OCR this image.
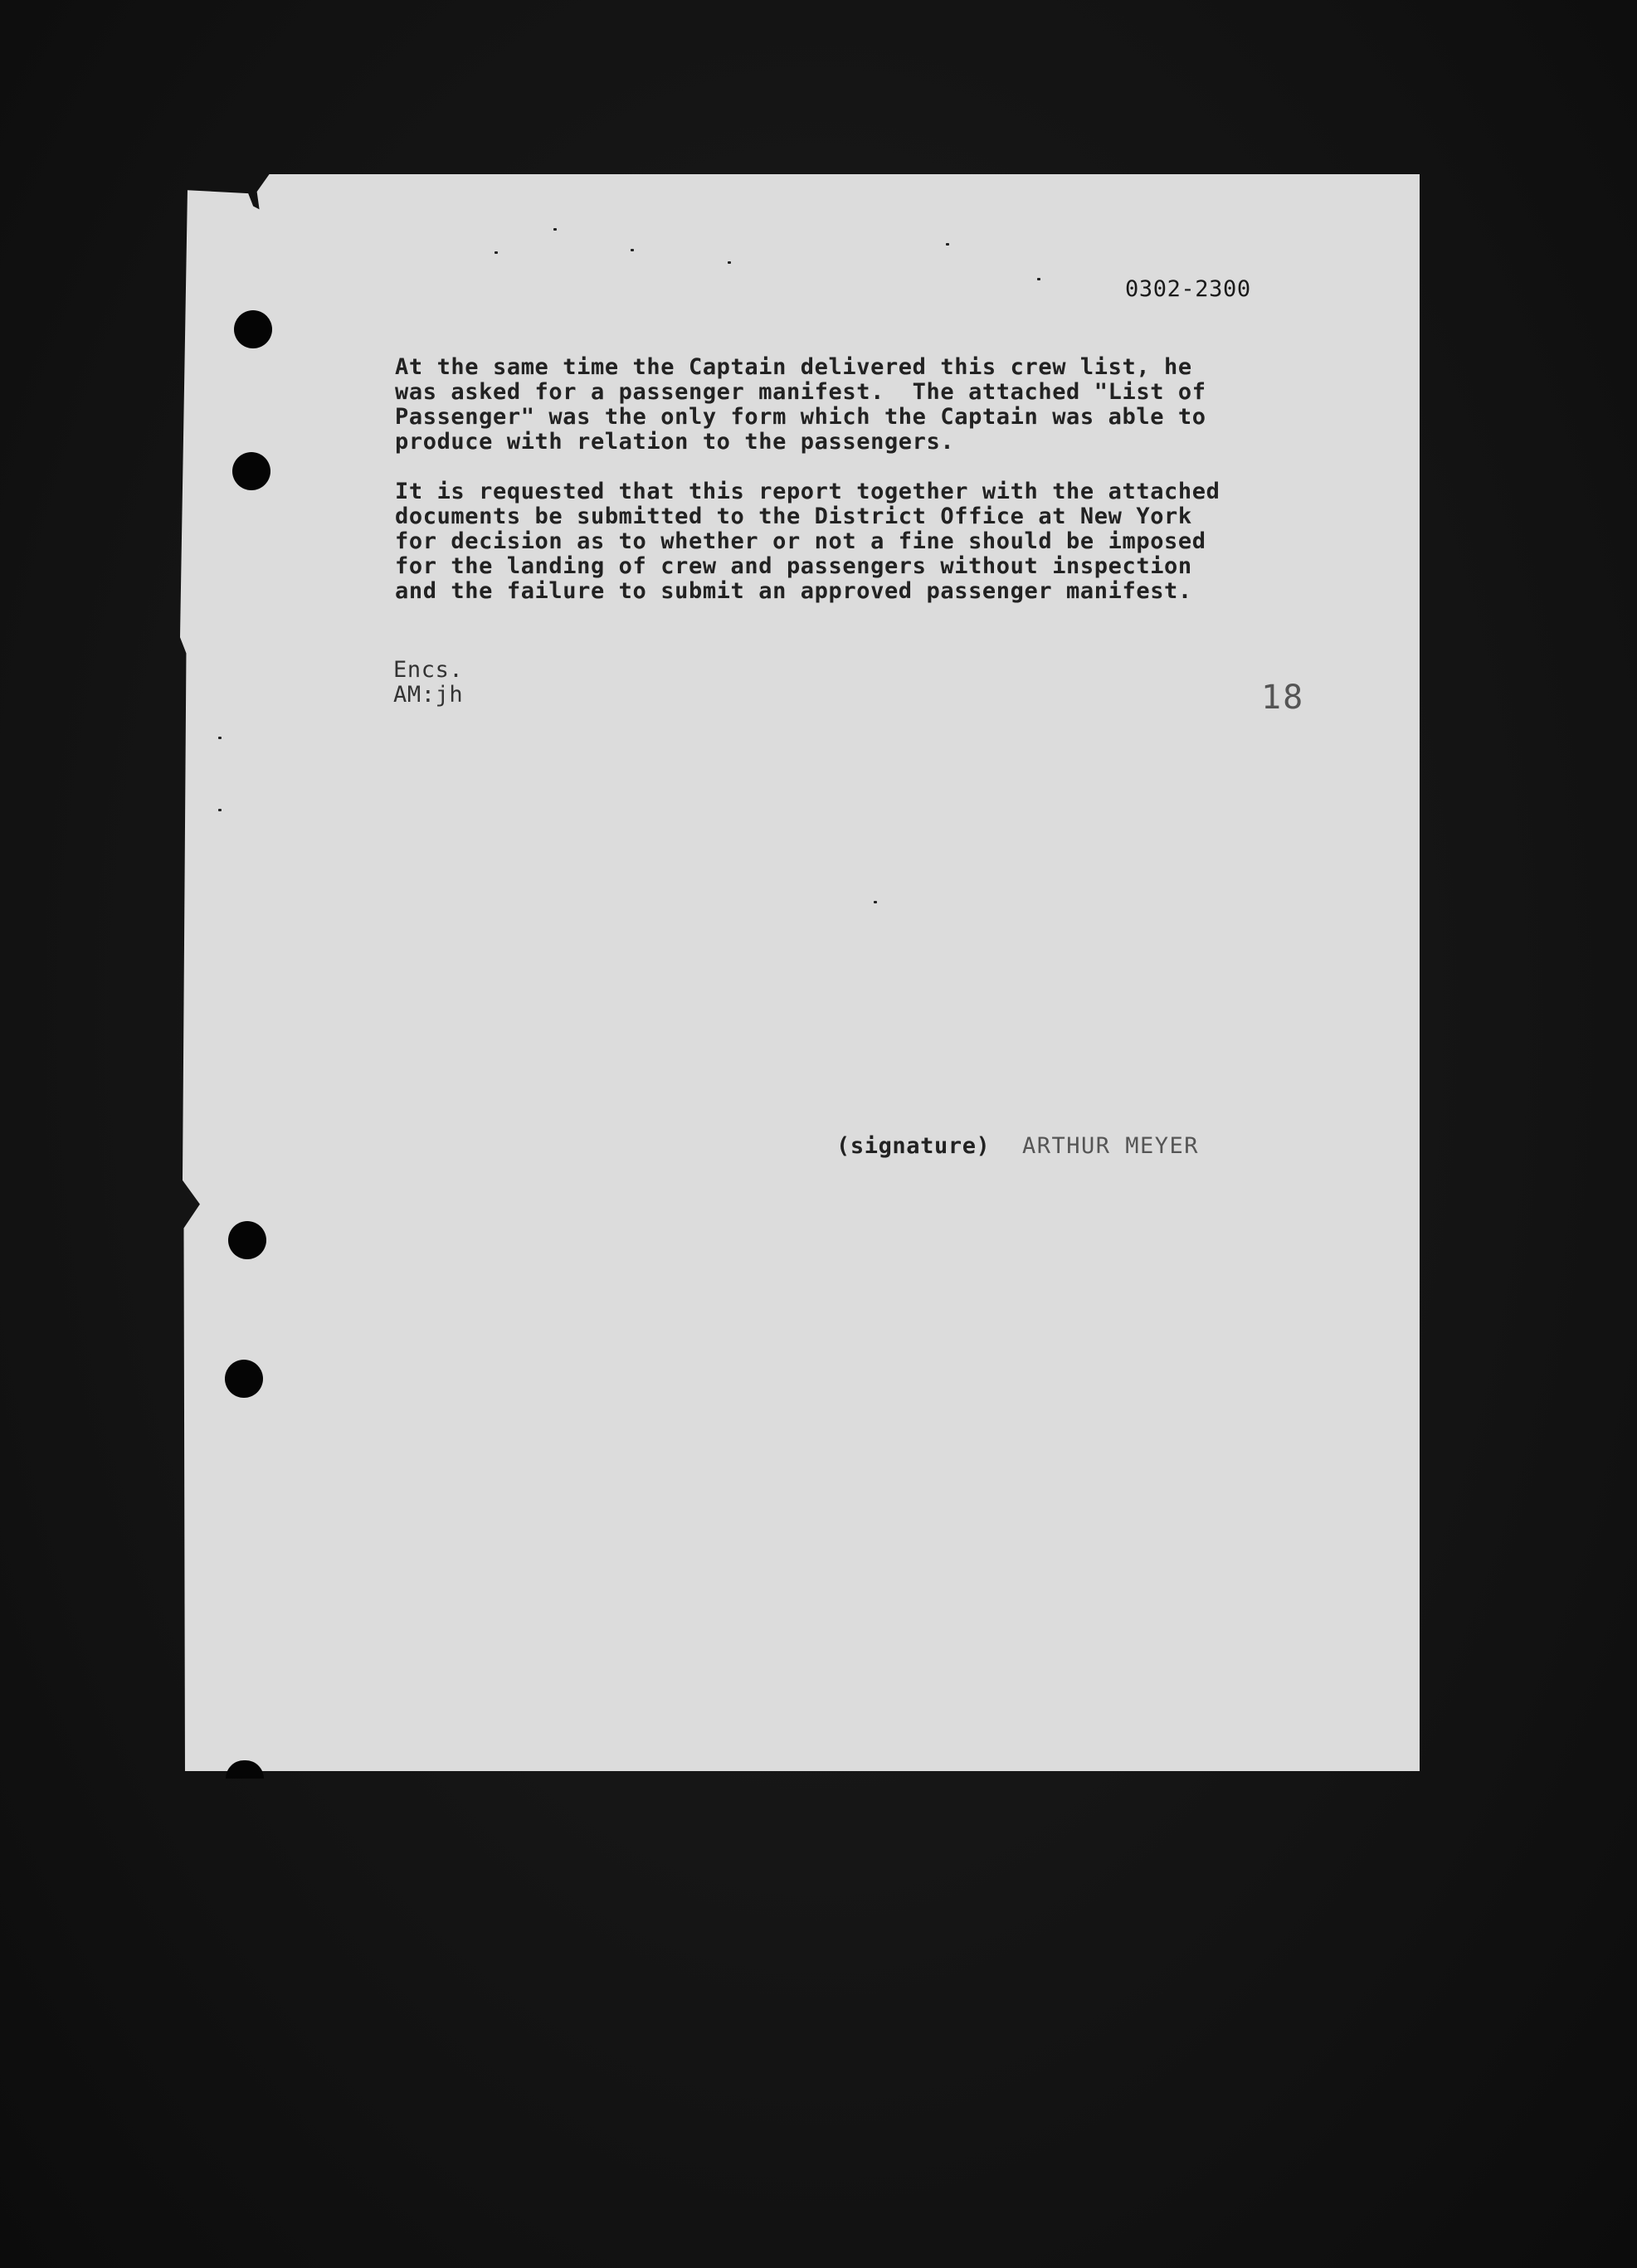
0302-2300
At the same time the Captain delivered this crew list, he
was asked for a passenger manifest.  The attached "List of
Passenger" was the only form which the Captain was able to
produce with relation to the passengers.
It is requested that this report together with the attached
documents be submitted to the District Office at New York
for decision as to whether or not a fine should be imposed
for the landing of crew and passengers without inspection
and the failure to submit an approved passenger manifest.
Encs.
AM:jh	18
(signature) ARTHUR MEYER
